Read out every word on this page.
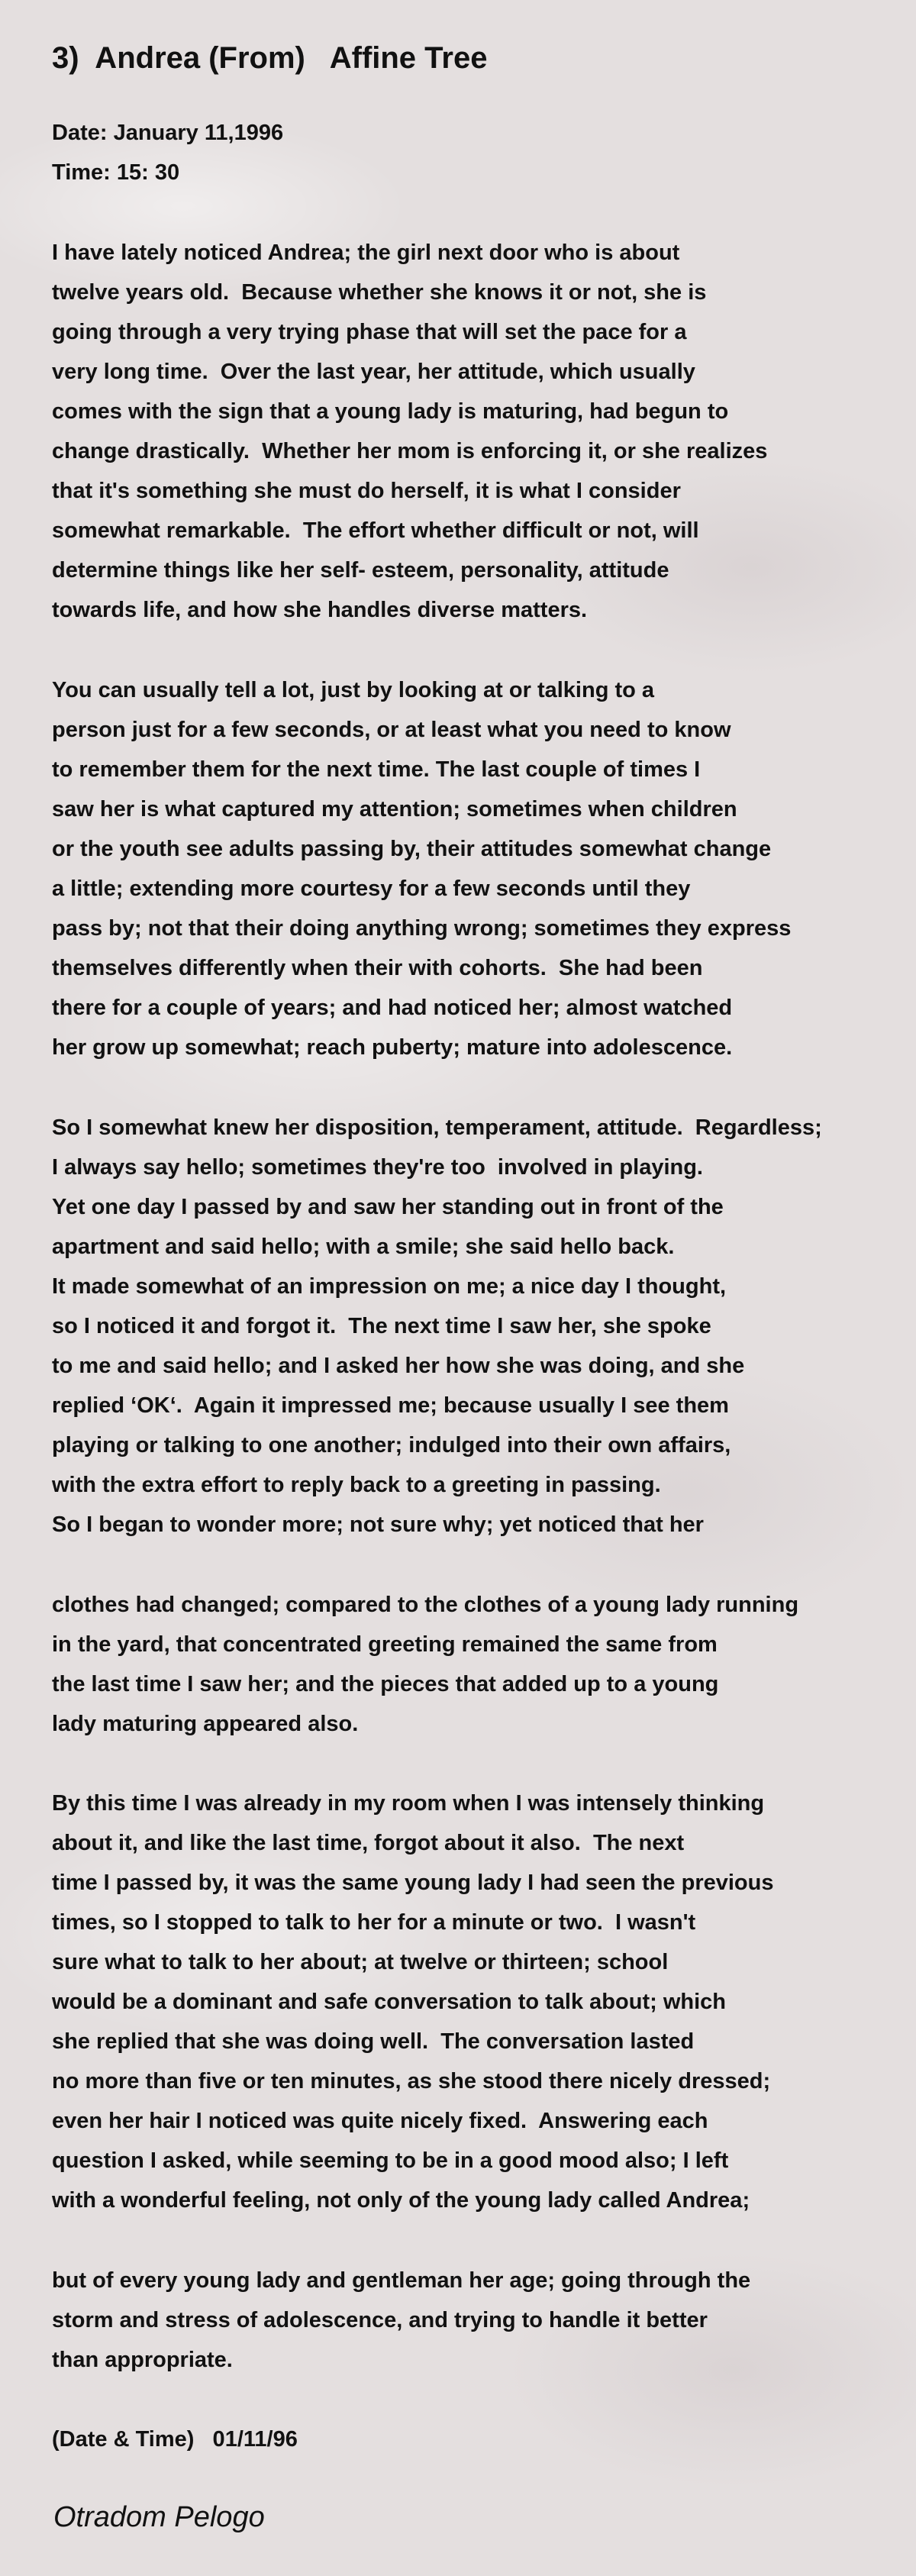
3)  Andrea (From)   Affine Tree
Date: January 11,1996
Time: 15: 30
I have lately noticed Andrea; the girl next door who is about
twelve years old.  Because whether she knows it or not, she is
going through a very trying phase that will set the pace for a
very long time.  Over the last year, her attitude, which usually
comes with the sign that a young lady is maturing, had begun to
change drastically.  Whether her mom is enforcing it, or she realizes
that it's something she must do herself, it is what I consider
somewhat remarkable.  The effort whether difficult or not, will
determine things like her self- esteem, personality, attitude
towards life, and how she handles diverse matters.
You can usually tell a lot, just by looking at or talking to a
person just for a few seconds, or at least what you need to know
to remember them for the next time. The last couple of times I
saw her is what captured my attention; sometimes when children
or the youth see adults passing by, their attitudes somewhat change
a little; extending more courtesy for a few seconds until they
pass by; not that their doing anything wrong; sometimes they express
themselves differently when their with cohorts.  She had been
there for a couple of years; and had noticed her; almost watched
her grow up somewhat; reach puberty; mature into adolescence.
So I somewhat knew her disposition, temperament, attitude.  Regardless;
I always say hello; sometimes they're too  involved in playing.
Yet one day I passed by and saw her standing out in front of the
apartment and said hello; with a smile; she said hello back.
It made somewhat of an impression on me; a nice day I thought,
so I noticed it and forgot it.  The next time I saw her, she spoke
to me and said hello; and I asked her how she was doing, and she
replied ‘OK‘.  Again it impressed me; because usually I see them
playing or talking to one another; indulged into their own affairs,
with the extra effort to reply back to a greeting in passing.
So I began to wonder more; not sure why; yet noticed that her
clothes had changed; compared to the clothes of a young lady running
in the yard, that concentrated greeting remained the same from
the last time I saw her; and the pieces that added up to a young
lady maturing appeared also.
By this time I was already in my room when I was intensely thinking
about it, and like the last time, forgot about it also.  The next
time I passed by, it was the same young lady I had seen the previous
times, so I stopped to talk to her for a minute or two.  I wasn't
sure what to talk to her about; at twelve or thirteen; school
would be a dominant and safe conversation to talk about; which
she replied that she was doing well.  The conversation lasted
no more than five or ten minutes, as she stood there nicely dressed;
even her hair I noticed was quite nicely fixed.  Answering each
question I asked, while seeming to be in a good mood also; I left
with a wonderful feeling, not only of the young lady called Andrea;
but of every young lady and gentleman her age; going through the
storm and stress of adolescence, and trying to handle it better
than appropriate.
(Date & Time)   01/11/96
Otradom Pelogo
